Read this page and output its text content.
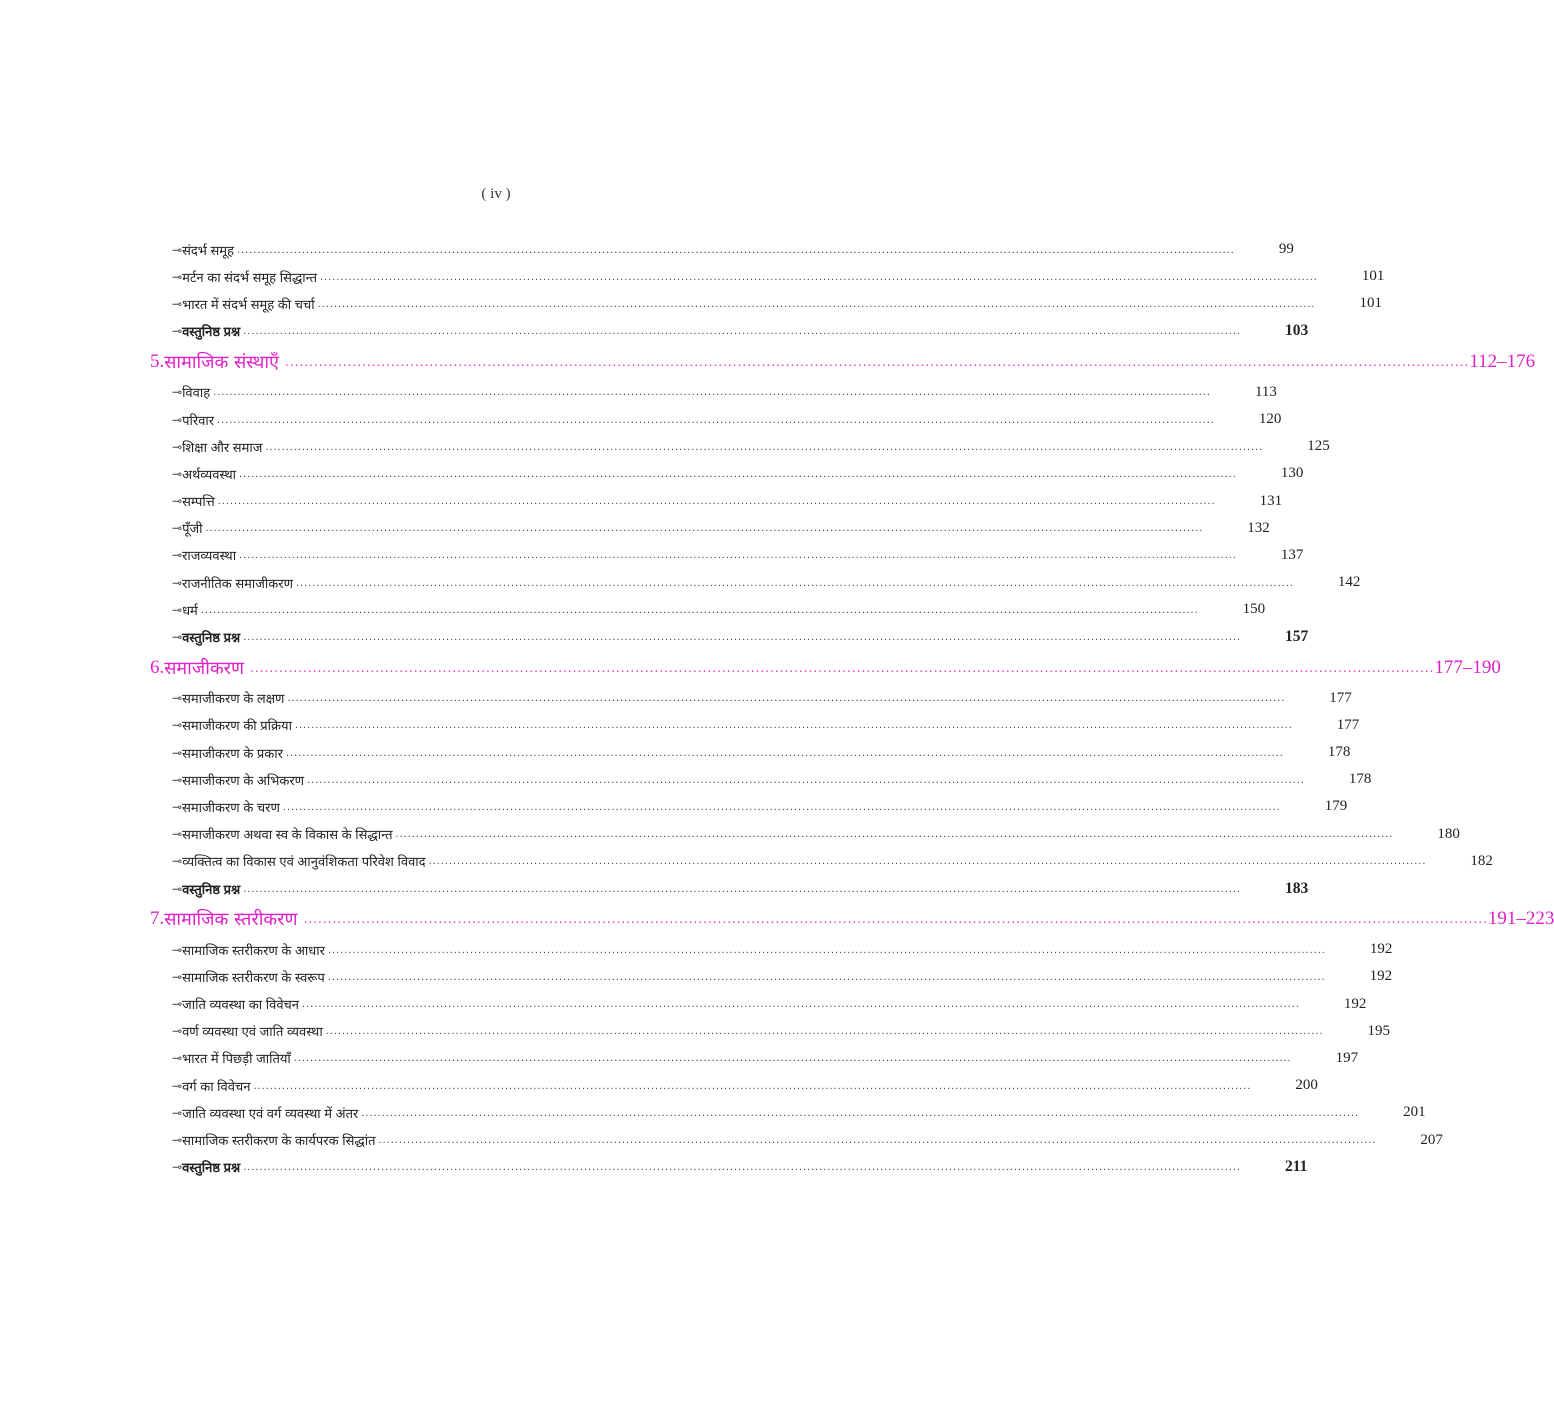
( iv )
⊸ संदर्भ समूह ......................................................................................................................................................................................................................................................	99
⊸ मर्टन का संदर्भ समूह सिद्धान्त ......................................................................................................................................................................................................................................................	101
⊸ भारत में संदर्भ समूह की चर्चा ......................................................................................................................................................................................................................................................	101
⊸ वस्तुनिष्ठ प्रश्न ......................................................................................................................................................................................................................................................	103
5. सामाजिक संस्थाएँ ...................................................................................................................................................................................................................................................... 112–176
⊸ विवाह ......................................................................................................................................................................................................................................................	113
⊸ परिवार ......................................................................................................................................................................................................................................................	120
⊸ शिक्षा और समाज ......................................................................................................................................................................................................................................................	125
⊸ अर्थव्यवस्था ......................................................................................................................................................................................................................................................	130
⊸ सम्पत्ति ......................................................................................................................................................................................................................................................	131
⊸ पूँजी ......................................................................................................................................................................................................................................................	132
⊸ राजव्यवस्था ......................................................................................................................................................................................................................................................	137
⊸ राजनीतिक समाजीकरण ......................................................................................................................................................................................................................................................	142
⊸ धर्म ......................................................................................................................................................................................................................................................	150
⊸ वस्तुनिष्ठ प्रश्न ......................................................................................................................................................................................................................................................	157
6. समाजीकरण ...................................................................................................................................................................................................................................................... 177–190
⊸ समाजीकरण के लक्षण ......................................................................................................................................................................................................................................................	177
⊸ समाजीकरण की प्रक्रिया ......................................................................................................................................................................................................................................................	177
⊸ समाजीकरण के प्रकार ......................................................................................................................................................................................................................................................	178
⊸ समाजीकरण के अभिकरण ......................................................................................................................................................................................................................................................	178
⊸ समाजीकरण के चरण ......................................................................................................................................................................................................................................................	179
⊸ समाजीकरण अथवा स्व के विकास के सिद्धान्त ......................................................................................................................................................................................................................................................	180
⊸ व्यक्तित्व का विकास एवं आनुवंशिकता परिवेश विवाद ......................................................................................................................................................................................................................................................	182
⊸ वस्तुनिष्ठ प्रश्न ......................................................................................................................................................................................................................................................	183
7. सामाजिक स्तरीकरण ...................................................................................................................................................................................................................................................... 191–223
⊸ सामाजिक स्तरीकरण के आधार ......................................................................................................................................................................................................................................................	192
⊸ सामाजिक स्तरीकरण के स्वरूप ......................................................................................................................................................................................................................................................	192
⊸ जाति व्यवस्था का विवेचन ......................................................................................................................................................................................................................................................	192
⊸ वर्ण व्यवस्था एवं जाति व्यवस्था ......................................................................................................................................................................................................................................................	195
⊸ भारत में पिछड़ी जातियाँ ......................................................................................................................................................................................................................................................	197
⊸ वर्ग का विवेचन ......................................................................................................................................................................................................................................................	200
⊸ जाति व्यवस्था एवं वर्ग व्यवस्था में अंतर ......................................................................................................................................................................................................................................................	201
⊸ सामाजिक स्तरीकरण के कार्यपरक सिद्धांत ......................................................................................................................................................................................................................................................	207
⊸ वस्तुनिष्ठ प्रश्न ......................................................................................................................................................................................................................................................	211
